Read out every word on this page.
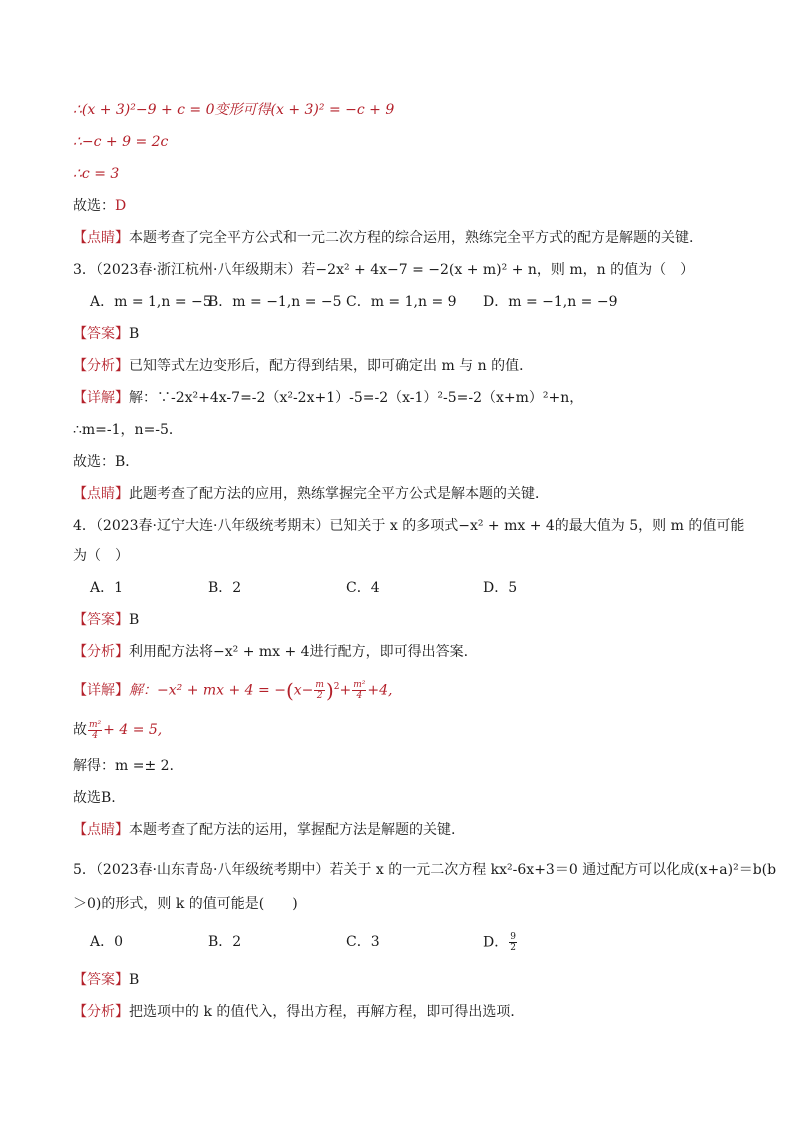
∴(x + 3)²−9 + c = 0变形可得(x + 3)² = −c + 9
∴−c + 9 = 2c
∴c = 3
故选：D
【点睛】本题考查了完全平方公式和一元二次方程的综合运用，熟练完全平方式的配方是解题的关键.
3．（2023春·浙江杭州·八年级期末）若−2x² + 4x−7 = −2(x + m)² + n，则 m，n 的值为（　）
A．m = 1,n = −5
B．m = −1,n = −5 C．m = 1,n = 9 D．m = −1,n = −9
【答案】B
【分析】已知等式左边变形后，配方得到结果，即可确定出 m 与 n 的值．
【详解】解：∵-2x²+4x-7=-2（x²-2x+1）-5=-2（x-1）²-5=-2（x+m）²+n，
∴m=-1，n=-5．
故选：B．
【点睛】此题考查了配方法的应用，熟练掌握完全平方公式是解本题的关键．
4．（2023春·辽宁大连·八年级统考期末）已知关于 x 的多项式−x² + mx + 4的最大值为 5，则 m 的值可能
为（　）
A．1	B．2	C．4	D．5
【答案】B
【分析】利用配方法将−x² + mx + 4进行配方，即可得出答案.
【详解】解：−x² + mx + $4 = -(x- \frac{m}{2} )^2+ \frac{\text{m²}}{4} +4$,
故 $\frac{\text{m²}}{4} + 4 = 5$,
解得：m =± 2.
故选B.
【点睛】本题考查了配方法的运用，掌握配方法是解题的关键.
5．（2023春·山东青岛·八年级统考期中）若关于 x 的一元二次方程 kx²-6x+3＝0 通过配方可以化成(x+a)²＝b(b
＞0)的形式，则 k 的值可能是(　　)
A．0	B．2	C．3	D． $\frac{9}{2}$
【答案】B
【分析】把选项中的 k 的值代入，得出方程，再解方程，即可得出选项．
